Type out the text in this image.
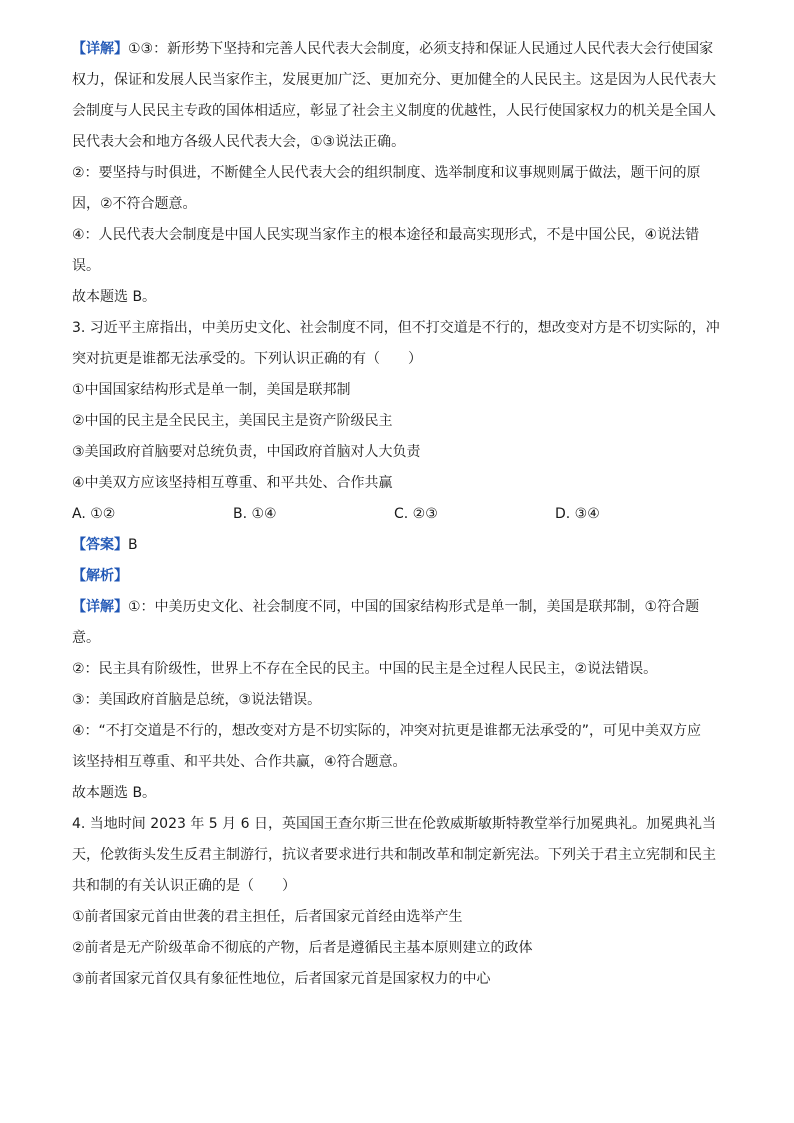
【详解】①③：新形势下坚持和完善人民代表大会制度，必须支持和保证人民通过人民代表大会行使国家
权力，保证和发展人民当家作主，发展更加广泛、更加充分、更加健全的人民民主。这是因为人民代表大
会制度与人民民主专政的国体相适应，彰显了社会主义制度的优越性，人民行使国家权力的机关是全国人
民代表大会和地方各级人民代表大会，①③说法正确。
②：要坚持与时俱进，不断健全人民代表大会的组织制度、选举制度和议事规则属于做法，题干问的原
因，②不符合题意。
④：人民代表大会制度是中国人民实现当家作主的根本途径和最高实现形式，不是中国公民，④说法错
误。
故本题选 B。
3. 习近平主席指出，中美历史文化、社会制度不同，但不打交道是不行的，想改变对方是不切实际的，冲
突对抗更是谁都无法承受的。下列认识正确的有（　　）
①中国国家结构形式是单一制，美国是联邦制
②中国的民主是全民民主，美国民主是资产阶级民主
③美国政府首脑要对总统负责，中国政府首脑对人大负责
④中美双方应该坚持相互尊重、和平共处、合作共赢
A. ①②	B. ①④	C. ②③	D. ③④
【答案】B
【解析】
【详解】①：中美历史文化、社会制度不同，中国的国家结构形式是单一制，美国是联邦制，①符合题
意。
②：民主具有阶级性，世界上不存在全民的民主。中国的民主是全过程人民民主，②说法错误。
③：美国政府首脑是总统，③说法错误。
④：“不打交道是不行的，想改变对方是不切实际的，冲突对抗更是谁都无法承受的”，可见中美双方应
该坚持相互尊重、和平共处、合作共赢，④符合题意。
故本题选 B。
4. 当地时间 2023 年 5 月 6 日，英国国王查尔斯三世在伦敦威斯敏斯特教堂举行加冕典礼。加冕典礼当
天，伦敦街头发生反君主制游行，抗议者要求进行共和制改革和制定新宪法。下列关于君主立宪制和民主
共和制的有关认识正确的是（　　）
①前者国家元首由世袭的君主担任，后者国家元首经由选举产生
②前者是无产阶级革命不彻底的产物，后者是遵循民主基本原则建立的政体
③前者国家元首仅具有象征性地位，后者国家元首是国家权力的中心
